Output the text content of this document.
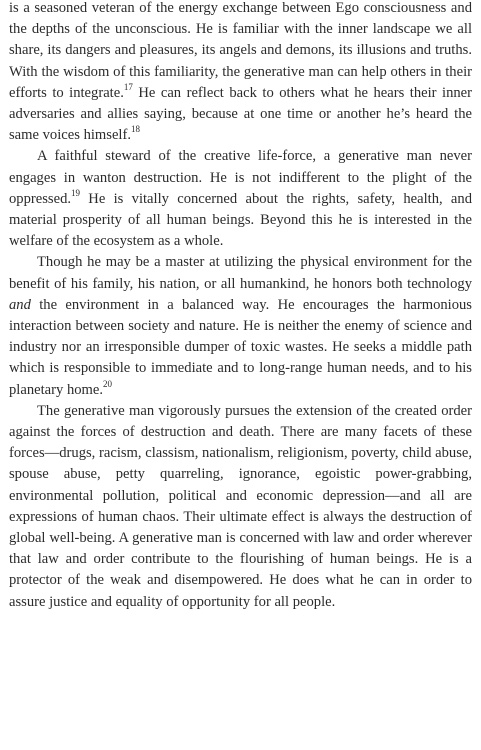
is a seasoned veteran of the energy exchange between Ego consciousness and the depths of the unconscious. He is familiar with the inner landscape we all share, its dangers and pleasures, its angels and demons, its illusions and truths. With the wisdom of this familiarity, the generative man can help others in their efforts to integrate.$^{17}$ He can reflect back to others what he hears their inner adversaries and allies saying, because at one time or another he’s heard the same voices himself.$^{18}$

A faithful steward of the creative life-force, a generative man never engages in wanton destruction. He is not indifferent to the plight of the oppressed.$^{19}$ He is vitally concerned about the rights, safety, health, and material prosperity of all human beings. Beyond this he is interested in the welfare of the ecosystem as a whole.

Though he may be a master at utilizing the physical environment for the benefit of his family, his nation, or all humankind, he honors both technology and the environment in a balanced way. He encourages the harmonious interaction between society and nature. He is neither the enemy of science and industry nor an irresponsible dumper of toxic wastes. He seeks a middle path which is responsible to immediate and to long-range human needs, and to his planetary home.$^{20}$

The generative man vigorously pursues the extension of the created order against the forces of destruction and death. There are many facets of these forces—drugs, racism, classism, nationalism, religionism, poverty, child abuse, spouse abuse, petty quarreling, ignorance, egoistic power-grabbing, environmental pollution, political and economic depression—and all are expressions of human chaos. Their ultimate effect is always the destruction of global well-being. A generative man is concerned with law and order wherever that law and order contribute to the flourishing of human beings. He is a protector of the weak and disempowered. He does what he can in order to assure justice and equality of opportunity for all people.
